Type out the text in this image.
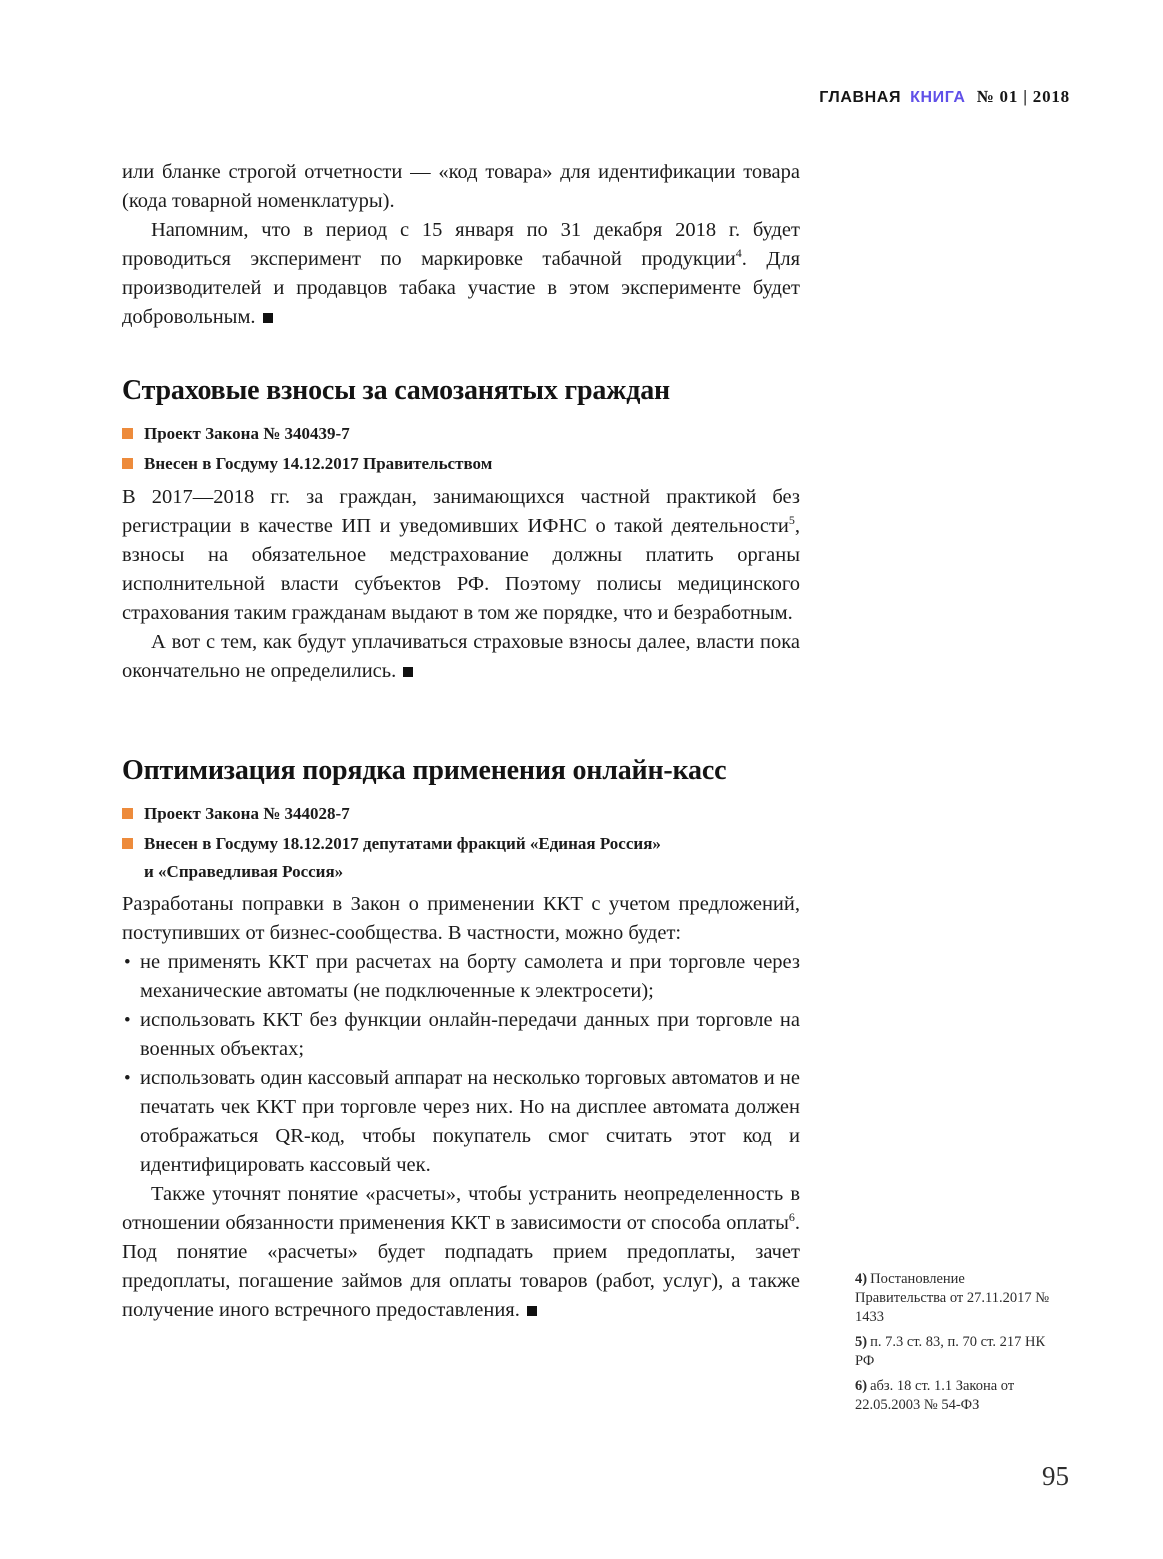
ГЛАВНАЯ КНИГА № 01 | 2018

или бланке строгой отчетности — «код товара» для идентификации товара (кода товарной номенклатуры).

Напомним, что в период с 15 января по 31 декабря 2018 г. будет проводиться эксперимент по маркировке табачной продукции$^4$. Для производителей и продавцов табака участие в этом эксперименте будет добровольным.

Страховые взносы за самозанятых граждан
Проект Закона № 340439-7
Внесен в Госдуму 14.12.2017 Правительством

В 2017—2018 гг. за граждан, занимающихся частной практикой без регистрации в качестве ИП и уведомивших ИФНС о такой деятельности$^5$, взносы на обязательное медстрахование должны платить органы исполнительной власти субъектов РФ. Поэтому полисы медицинского страхования таким гражданам выдают в том же порядке, что и безработным.

А вот с тем, как будут уплачиваться страховые взносы далее, власти пока окончательно не определились.

Оптимизация порядка применения онлайн-касс
Проект Закона № 344028-7
Внесен в Госдуму 18.12.2017 депутатами фракций «Единая Россия» и «Справедливая Россия»

Разработаны поправки в Закон о применении ККТ с учетом предложений, поступивших от бизнес-сообщества. В частности, можно будет:

• не применять ККТ при расчетах на борту самолета и при торговле через механические автоматы (не подключенные к электросети);
• использовать ККТ без функции онлайн-передачи данных при торговле на военных объектах;
• использовать один кассовый аппарат на несколько торговых автоматов и не печатать чек ККТ при торговле через них. Но на дисплее автомата должен отображаться QR-код, чтобы покупатель смог считать этот код и идентифицировать кассовый чек.

Также уточнят понятие «расчеты», чтобы устранить неопределенность в отношении обязанности применения ККТ в зависимости от способа оплаты$^6$. Под понятие «расчеты» будет подпадать прием предоплаты, зачет предоплаты, погашение займов для оплаты товаров (работ, услуг), а также получение иного встречного предоставления.

4) Постановление Правительства от 27.11.2017 № 1433

5) п. 7.3 ст. 83, п. 70 ст. 217 НК РФ

6) абз. 18 ст. 1.1 Закона от 22.05.2003 № 54-ФЗ

95
